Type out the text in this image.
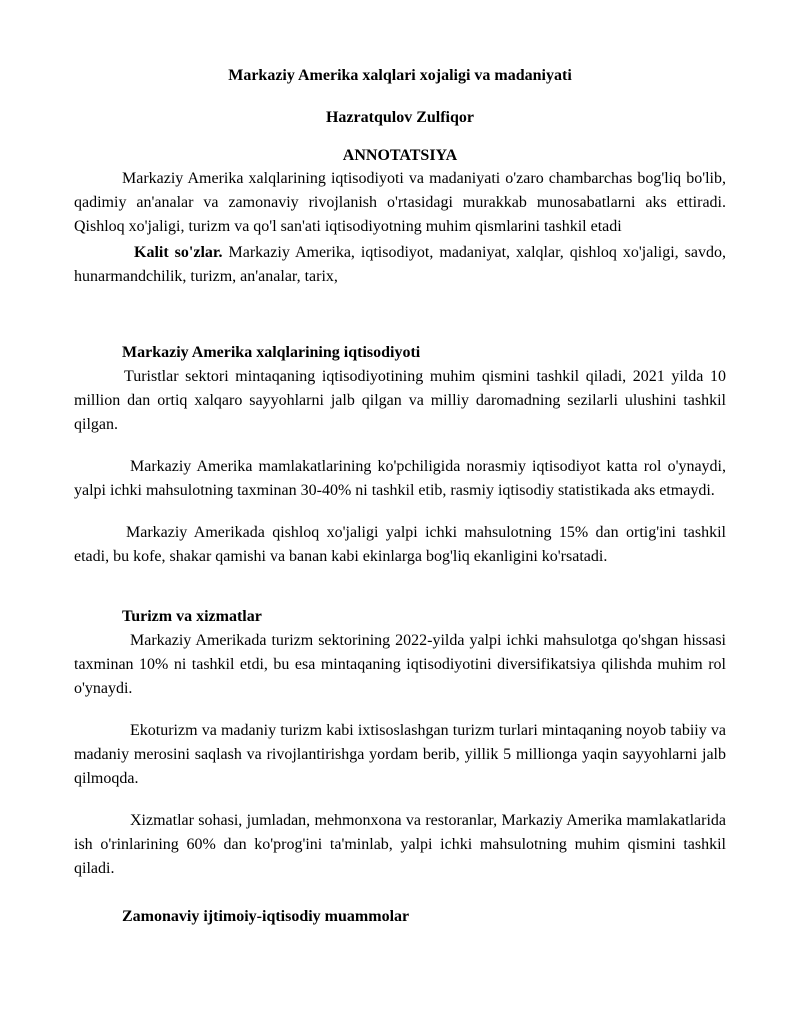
Markaziy Amerika xalqlari xojaligi va madaniyati

Hazratqulov Zulfiqor

ANNOTATSIYA

Markaziy Amerika xalqlarining iqtisodiyoti va madaniyati o'zaro chambarchas bog'liq bo'lib, qadimiy an'analar va zamonaviy rivojlanish o'rtasidagi murakkab munosabatlarni aks ettiradi. Qishloq xo'jaligi, turizm va qo'l san'ati iqtisodiyotning muhim qismlarini tashkil etadi

Kalit so'zlar. Markaziy Amerika, iqtisodiyot, madaniyat, xalqlar, qishloq xo'jaligi, savdo, hunarmandchilik, turizm, an'analar, tarix,

Markaziy Amerika xalqlarining iqtisodiyoti

Turistlar sektori mintaqaning iqtisodiyotining muhim qismini tashkil qiladi, 2021 yilda 10 million dan ortiq xalqaro sayyohlarni jalb qilgan va milliy daromadning sezilarli ulushini tashkil qilgan.

Markaziy Amerika mamlakatlarining ko'pchiligida norasmiy iqtisodiyot katta rol o'ynaydi, yalpi ichki mahsulotning taxminan 30-40% ni tashkil etib, rasmiy iqtisodiy statistikada aks etmaydi.

Markaziy Amerikada qishloq xo'jaligi yalpi ichki mahsulotning 15% dan ortig'ini tashkil etadi, bu kofe, shakar qamishi va banan kabi ekinlarga bog'liq ekanligini ko'rsatadi.

Turizm va xizmatlar

Markaziy Amerikada turizm sektorining 2022-yilda yalpi ichki mahsulotga qo'shgan hissasi taxminan 10% ni tashkil etdi, bu esa mintaqaning iqtisodiyotini diversifikatsiya qilishda muhim rol o'ynaydi.

Ekoturizm va madaniy turizm kabi ixtisoslashgan turizm turlari mintaqaning noyob tabiiy va madaniy merosini saqlash va rivojlantirishga yordam berib, yillik 5 millionga yaqin sayyohlarni jalb qilmoqda.

Xizmatlar sohasi, jumladan, mehmonxona va restoranlar, Markaziy Amerika mamlakatlarida ish o'rinlarining 60% dan ko'prog'ini ta'minlab, yalpi ichki mahsulotning muhim qismini tashkil qiladi.

Zamonaviy ijtimoiy-iqtisodiy muammolar
